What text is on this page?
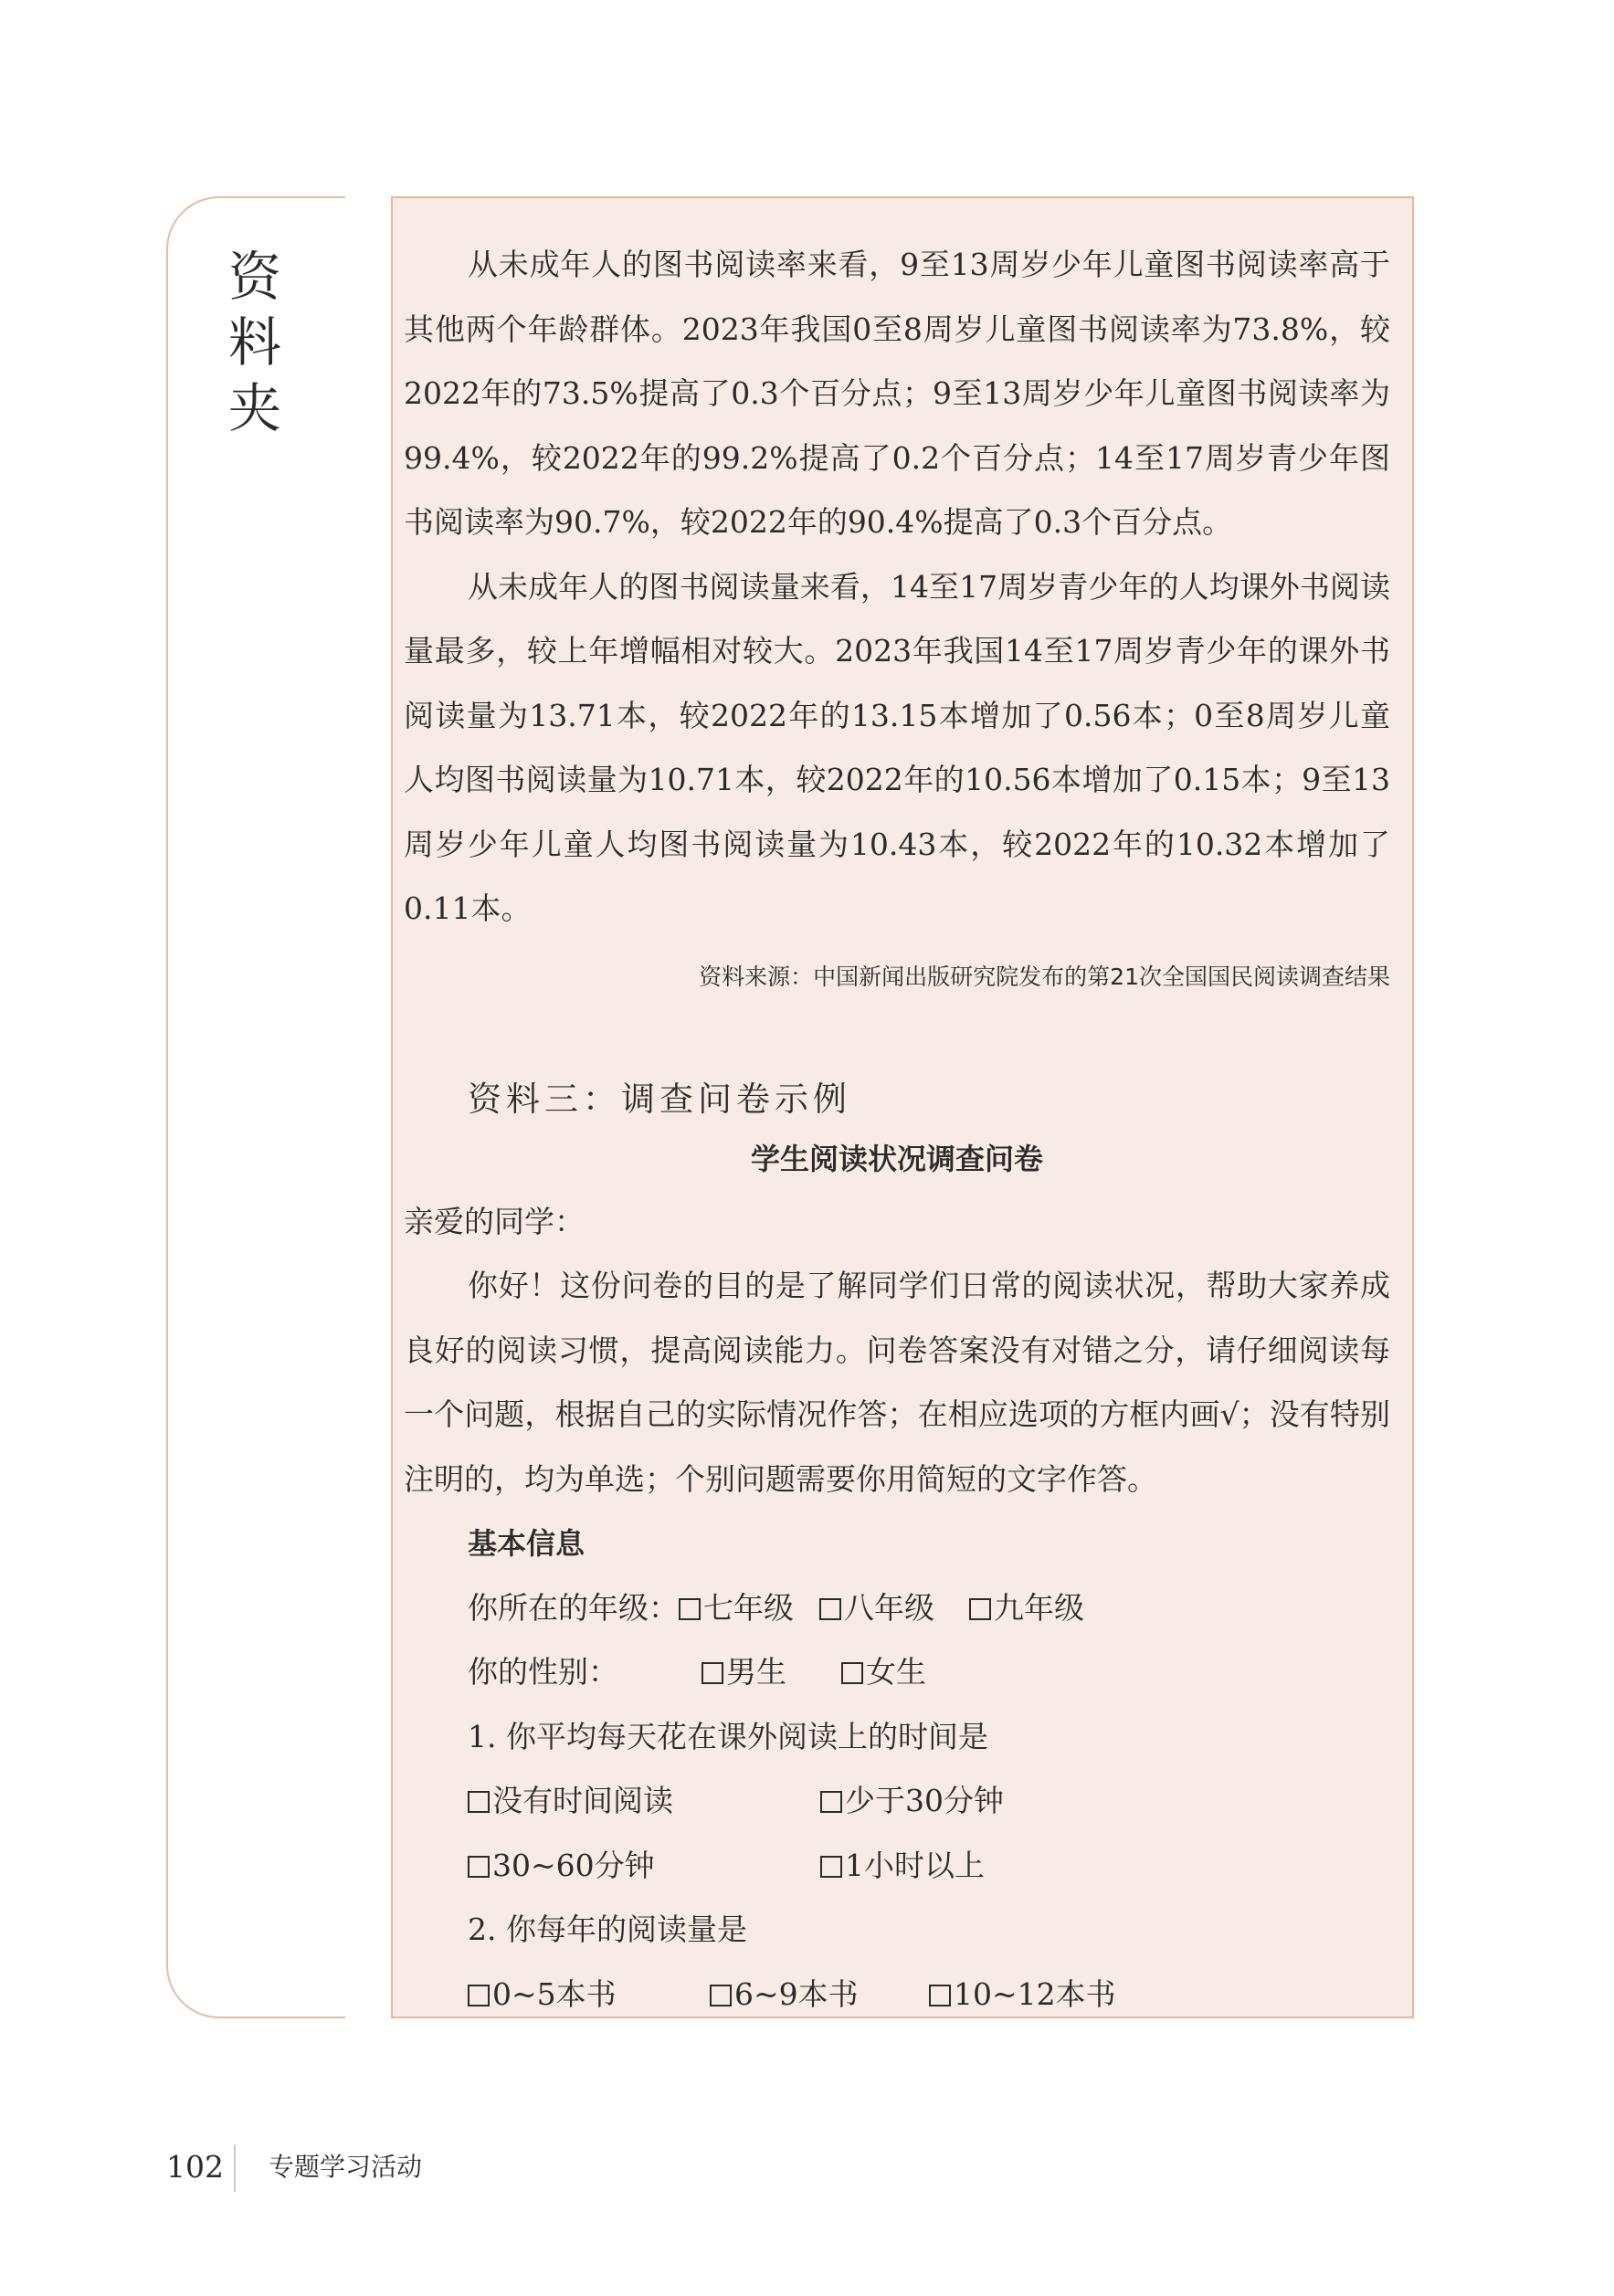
资料夹

从未成年人的图书阅读率来看，9至13周岁少年儿童图书阅读率高于其他两个年龄群体。2023年我国0至8周岁儿童图书阅读率为73.8%，较2022年的73.5%提高了0.3个百分点；9至13周岁少年儿童图书阅读率为99.4%，较2022年的99.2%提高了0.2个百分点；14至17周岁青少年图书阅读率为90.7%，较2022年的90.4%提高了0.3个百分点。

从未成年人的图书阅读量来看，14至17周岁青少年的人均课外书阅读量最多，较上年增幅相对较大。2023年我国14至17周岁青少年的课外书阅读量为13.71本，较2022年的13.15本增加了0.56本；0至8周岁儿童人均图书阅读量为10.71本，较2022年的10.56本增加了0.15本；9至13周岁少年儿童人均图书阅读量为10.43本，较2022年的10.32本增加了0.11本。

资料来源：中国新闻出版研究院发布的第21次全国国民阅读调查结果
资料三：调查问卷示例
学生阅读状况调查问卷
亲爱的同学：

你好！这份问卷的目的是了解同学们日常的阅读状况，帮助大家养成良好的阅读习惯，提高阅读能力。问卷答案没有对错之分，请仔细阅读每一个问题，根据自己的实际情况作答；在相应选项的方框内画√；没有特别注明的，均为单选；个别问题需要你用简短的文字作答。

基本信息
你所在的年级： 七年级 八年级 九年级
你的性别：	男生	女生
1. 你平均每天花在课外阅读上的时间是
没有时间阅读	少于30分钟
30~60分钟	1小时以上
2. 你每年的阅读量是
0~5本书	6~9本书	10~12本书
102 专题学习活动
